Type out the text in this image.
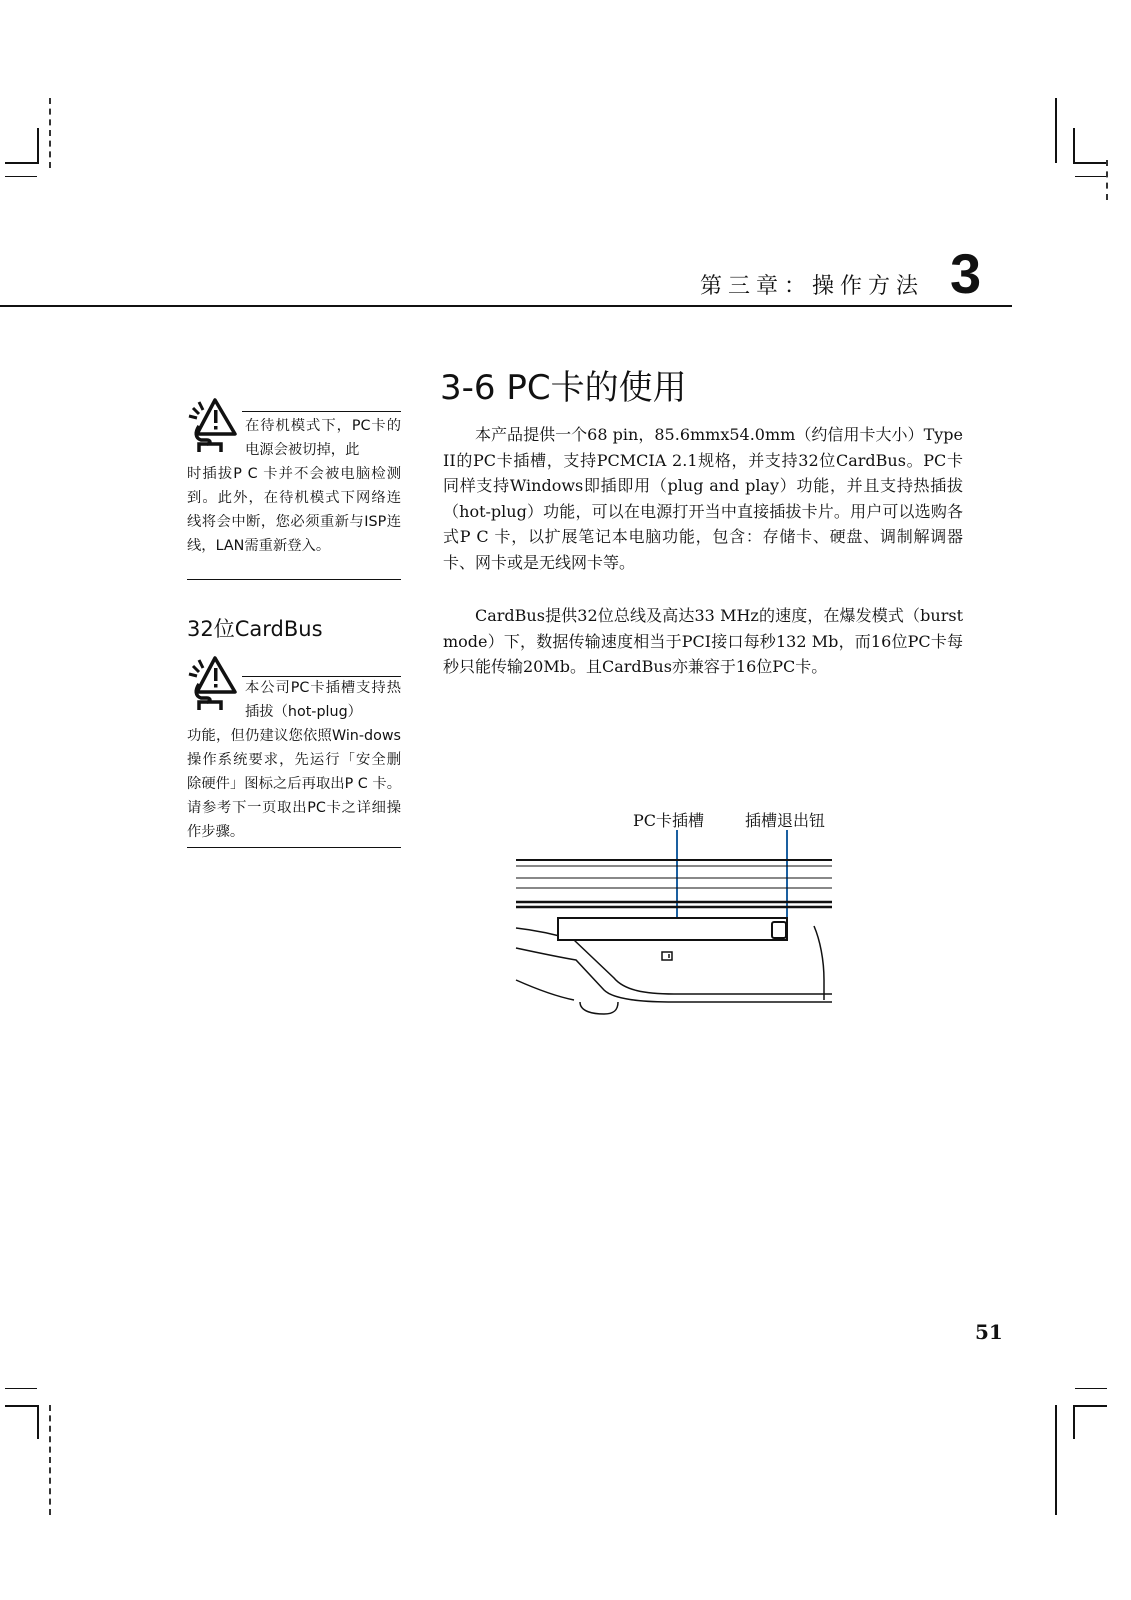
第三章：操作方法 3
3-6 PC卡的使用

本产品提供一个68 pin，85.6mmx54.0mm（约信用卡大小）Type II的PC卡插槽，支持PCMCIA 2.1规格，并支持32位CardBus。PC卡同样支持Windows即插即用（plug and play）功能，并且支持热插拔（hot-plug）功能，可以在电源打开当中直接插拔卡片。用户可以选购各式P C 卡，以扩展笔记本电脑功能，包含：存储卡、硬盘、调制解调器卡、网卡或是无线网卡等。

CardBus提供32位总线及高达33 MHz的速度，在爆发模式（burst mode）下，数据传输速度相当于PCI接口每秒132 Mb，而16位PC卡每秒只能传输20Mb。且CardBus亦兼容于16位PC卡。

在待机模式下，PC卡的电源会被切掉，此
时插拔P C 卡并不会被电脑检测到。此外，在待机模式下网络连线将会中断，您必须重新与ISP连线，LAN需重新登入。
32位CardBus
本公司PC卡插槽支持热插拔（hot-plug）
功能，但仍建议您依照Win-dows操作系统要求，先运行「安全删除硬件」图标之后再取出P C 卡。请参考下一页取出PC卡之详细操作步骤。
PC卡插槽	插槽退出钮
51
